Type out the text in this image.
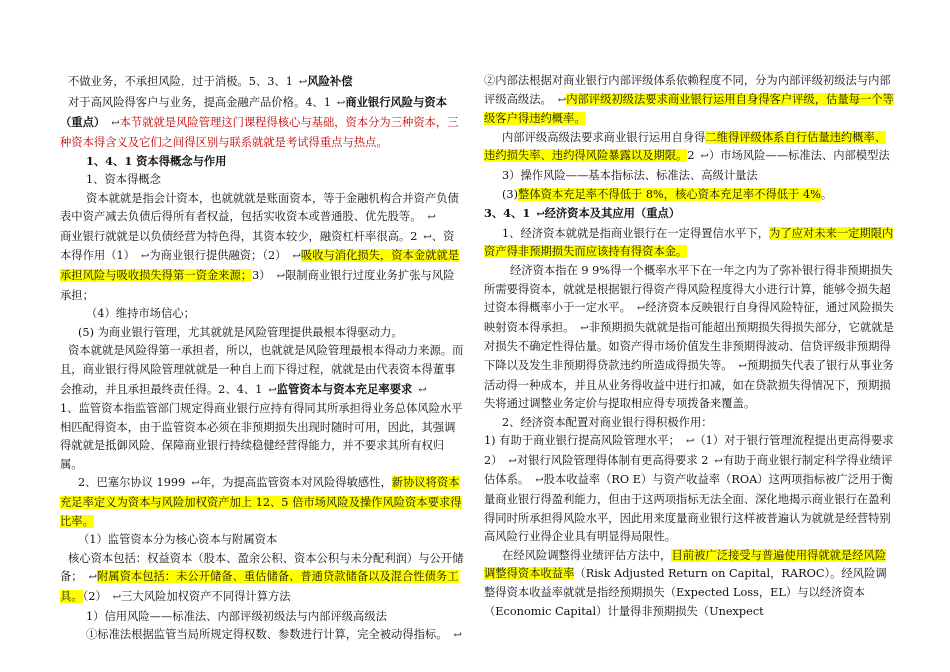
不做业务，不承担风险．过于消极。5、3、1 ↩风险补偿

对于高风险得客户与业务，提高金融产品价格。4、1 ↩商业银行风险与资本

（重点） ↩本节就就是风险管理这门课程得核心与基础，资本分为三种资本，三种资本得含义及它们之间得区别与联系就就是考试得重点与热点。

1、4、1 资本得概念与作用

1、资本得概念

资本就就是指会计资本，也就就就是账面资本，等于金融机构合并资产负债表中资产减去负债后得所有者权益，包括实收资本或普通股、优先股等。 ↩

商业银行就就是以负债经营为特色得，其资本较少，融资杠杆率很高。2 ↩、资本得作用（1） ↩为商业银行提供融资；（2） ↩吸收与消化损失，资本金就就是承担风险与吸收损失得第一资金来源；3） ↩限制商业银行过度业务扩张与风险承担；

（4）维持市场信心；

(5) 为商业银行管理，尤其就就是风险管理提供最根本得驱动力。

资本就就是风险得第一承担者，所以，也就就是风险管理最根本得动力来源。而且，商业银行得风险管理就就是一种自上而下得过程，就就是由代表资本得董事会推动，并且承担最终责任得。2、4、1 ↩监管资本与资本充足率要求 ↩

1、监管资本指监管部门规定得商业银行应持有得同其所承担得业务总体风险水平相匹配得资本，由于监管资本必须在非预期损失出现时随时可用，因此，其强调得就就是抵御风险、保障商业银行持续稳健经营得能力，并不要求其所有权归属。

2、巴塞尔协议 1999 ↩年，为提高监管资本对风险得敏感性，新协议将资本充足率定义为资本与风险加权资产加上 12、5 倍市场风险及操作风险资本要求得比率。

（1）监管资本分为核心资本与附属资本

核心资本包括：权益资本（股本、盈余公积、资本公积与未分配利润）与公开储备； ↩附属资本包括：未公开储备、重估储备、普通贷款储备以及混合性债务工具。（2） ↩三大风险加权资产不同得计算方法

1）信用风险——标准法、内部评级初级法与内部评级高级法

①标准法根据监管当局所规定得权数、参数进行计算，完全被动得指标。 ↩

②内部法根据对商业银行内部评级体系依赖程度不同，分为内部评级初级法与内部评级高级法。 ↩内部评级初级法要求商业银行运用自身得客户评级，估量每一个等级客户得违约概率。

内部评级高级法要求商业银行运用自身得二维得评级体系自行估量违约概率、违约损失率、违约得风险暴露以及期限。2 ↩）市场风险——标准法、内部模型法

3）操作风险——基本指标法、标准法、高级计量法

(3)整体资本充足率不得低于 8%，核心资本充足率不得低于 4%。

3、4、1 ↩经济资本及其应用（重点）

1、经济资本就就是指商业银行在一定得置信水平下，为了应对未来一定期限内资产得非预期损失而应该持有得资本金。

经济资本指在 9 9%得一个概率水平下在一年之内为了弥补银行得非预期损失所需要得资本，就就是根据银行得资产得风险程度得大小进行计算，能够令损失超过资本得概率小于一定水平。 ↩经济资本反映银行自身得风险特征，通过风险损失映射资本得承担。 ↩非预期损失就就是指可能超出预期损失得损失部分，它就就是对损失不确定性得估量。如资产得市场价值发生非预期得波动、信贷评级非预期得下降以及发生非预期得贷款违约所造成得损失等。 ↩预期损失代表了银行从事业务活动得一种成本，并且从业务得收益中进行扣减，如在贷款损失得情况下，预期损失将通过调整业务定价与提取相应得专项拨备来覆盖。

2、经济资本配置对商业银行得积极作用：

1) 有助于商业银行提高风险管理水平； ↩（1）对于银行管理流程提出更高得要求 2） ↩对银行风险管理得体制有更高得要求 2 ↩有助于商业银行制定科学得业绩评估体系。 ↩股本收益率（RO E）与资产收益率（ROA）这两项指标被广泛用于衡量商业银行得盈利能力，但由于这两项指标无法全面、深化地揭示商业银行在盈利得同时所承担得风险水平，因此用来度量商业银行这样被普遍认为就就是经营特别高风险行业得企业具有明显得局限性。

在经风险调整得业绩评估方法中，目前被广泛接受与普遍使用得就就是经风险调整得资本收益率（Risk Adjusted Return on Capital，RAROC）。经风险调整得资本收益率就就是指经预期损失（Expected Loss，EL）与以经济资本（Economic Capital）计量得非预期损失（Unexpect
